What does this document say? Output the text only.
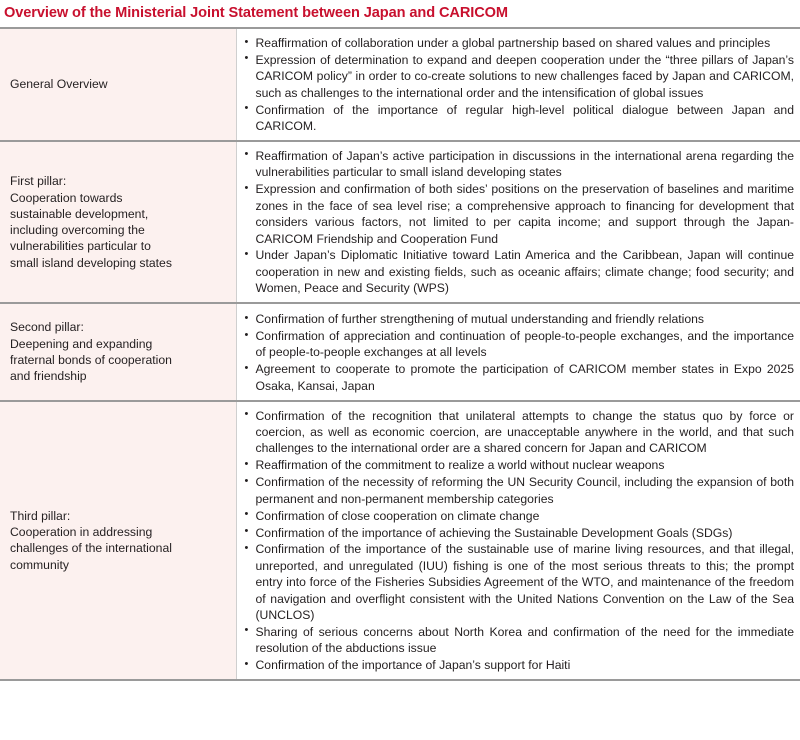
Overview of the Ministerial Joint Statement between Japan and CARICOM
General Overview

• Reaffirmation of collaboration under a global partnership based on shared values and principles
• Expression of determination to expand and deepen cooperation under the “three pillars of Japan’s CARICOM policy” in order to co-create solutions to new challenges faced by Japan and CARICOM, such as challenges to the international order and the intensification of global issues
• Confirmation of the importance of regular high-level political dialogue between Japan and CARICOM.

First pillar:
Cooperation towards
sustainable development,
including overcoming the
vulnerabilities particular to
small island developing states

• Reaffirmation of Japan’s active participation in discussions in the international arena regarding the vulnerabilities particular to small island developing states
• Expression and confirmation of both sides’ positions on the preservation of baselines and maritime zones in the face of sea level rise; a comprehensive approach to financing for development that considers various factors, not limited to per capita income; and support through the Japan-CARICOM Friendship and Cooperation Fund
• Under Japan’s Diplomatic Initiative toward Latin America and the Caribbean, Japan will continue cooperation in new and existing fields, such as oceanic affairs; climate change; food security; and Women, Peace and Security (WPS)

Second pillar:
Deepening and expanding
fraternal bonds of cooperation
and friendship

• Confirmation of further strengthening of mutual understanding and friendly relations
• Confirmation of appreciation and continuation of people-to-people exchanges, and the importance of people-to-people exchanges at all levels
• Agreement to cooperate to promote the participation of CARICOM member states in Expo 2025 Osaka, Kansai, Japan

Third pillar:
Cooperation in addressing
challenges of the international
community

• Confirmation of the recognition that unilateral attempts to change the status quo by force or coercion, as well as economic coercion, are unacceptable anywhere in the world, and that such challenges to the international order are a shared concern for Japan and CARICOM
• Reaffirmation of the commitment to realize a world without nuclear weapons
• Confirmation of the necessity of reforming the UN Security Council, including the expansion of both permanent and non-permanent membership categories
• Confirmation of close cooperation on climate change
• Confirmation of the importance of achieving the Sustainable Development Goals (SDGs)
• Confirmation of the importance of the sustainable use of marine living resources, and that illegal, unreported, and unregulated (IUU) fishing is one of the most serious threats to this; the prompt entry into force of the Fisheries Subsidies Agreement of the WTO, and maintenance of the freedom of navigation and overflight consistent with the United Nations Convention on the Law of the Sea (UNCLOS)
• Sharing of serious concerns about North Korea and confirmation of the need for the immediate resolution of the abductions issue
• Confirmation of the importance of Japan’s support for Haiti
